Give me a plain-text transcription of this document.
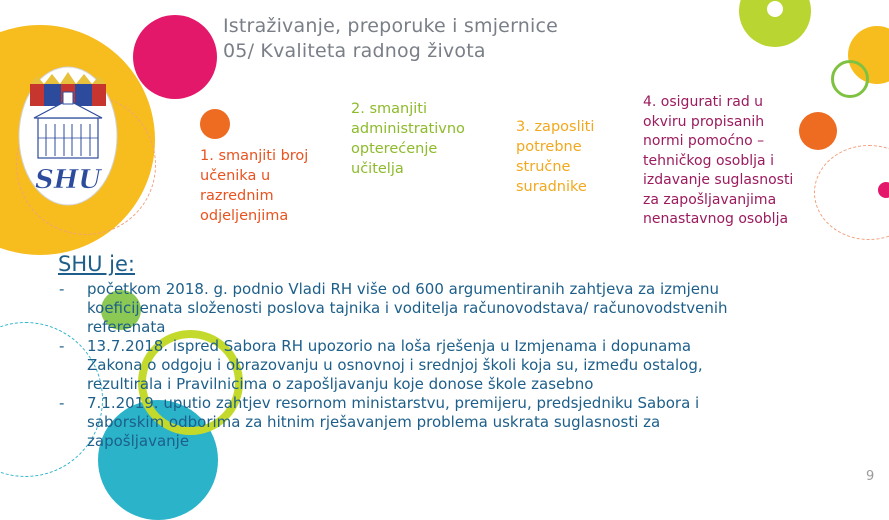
SHU
Istraživanje, preporuke i smjernice
05/ Kvaliteta radnog života
1. smanjiti broj
učenika u
razrednim
odjeljenjima
2. smanjiti
administrativno
opterećenje
učitelja
3. zaposliti
potrebne
stručne
suradnike
4. osigurati rad u
okviru propisanih
normi pomoćno –
tehničkog osoblja i
izdavanje suglasnosti
za zapošljavanjima
nenastavnog osoblja
SHU je:
- početkom 2018. g. podnio Vladi RH više od 600 argumentiranih zahtjeva za izmjenu
koeficijenata složenosti poslova tajnika i voditelja računovodstava/ računovodstvenih
referenata
- 13.7.2018. ispred Sabora RH upozorio na loša rješenja u Izmjenama i dopunama
Zakona o odgoju i obrazovanju u osnovnoj i srednjoj školi koja su, između ostalog,
rezultirala i Pravilnicima o zapošljavanju koje donose škole zasebno
- 7.1.2019. uputio zahtjev resornom ministarstvu, premijeru, predsjedniku Sabora i
saborskim odborima za hitnim rješavanjem problema uskrata suglasnosti za
zapošljavanje
9
